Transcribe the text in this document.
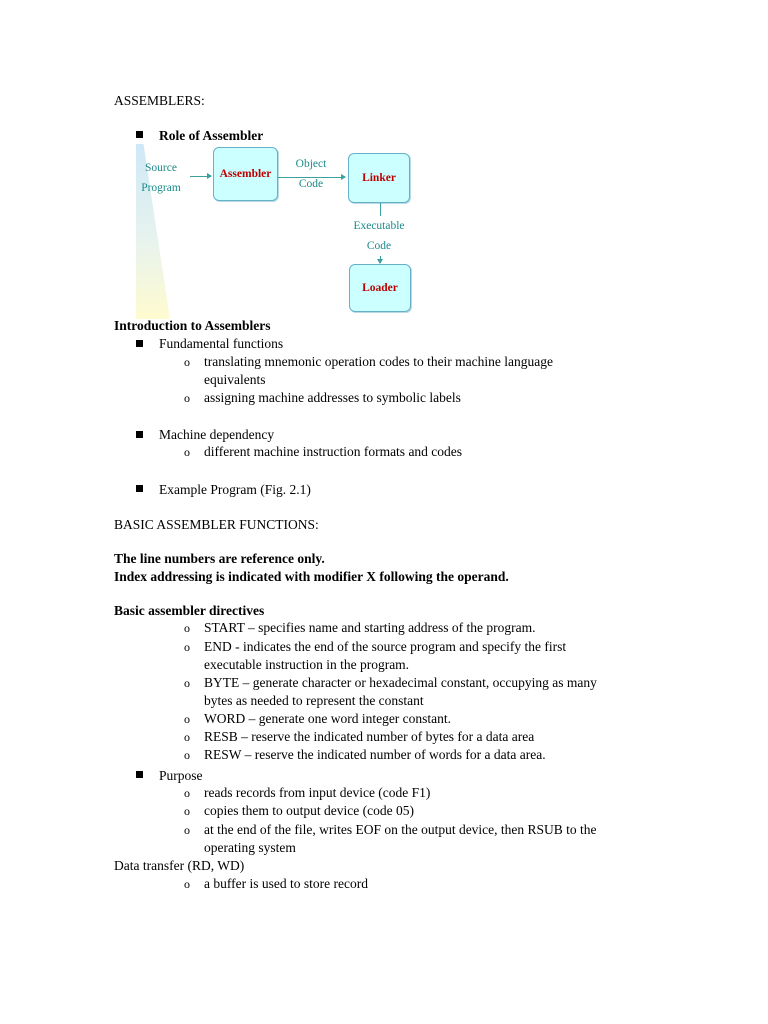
ASSEMBLERS:
Role of Assembler
Source
Program
Assembler
Object
Code	Linker
Executable
Code
Loader
Introduction to Assemblers
Fundamental functions
o translating mnemonic operation codes to their machine language
equivalents
o assigning machine addresses to symbolic labels
Machine dependency
o different machine instruction formats and codes
Example Program (Fig. 2.1)
BASIC ASSEMBLER FUNCTIONS:
The line numbers are reference only.
Index addressing is indicated with modifier X following the operand.
Basic assembler directives
o START – specifies name and starting address of the program.
o END - indicates the end of the source program and specify the first
executable instruction in the program.
o BYTE – generate character or hexadecimal constant, occupying as many
bytes as needed to represent the constant
o WORD – generate one word integer constant.
o RESB – reserve the indicated number of bytes for a data area
o RESW – reserve the indicated number of words for a data area.
Purpose
o reads records from input device (code F1)
o copies them to output device (code 05)
o at the end of the file, writes EOF on the output device, then RSUB to the
operating system
Data transfer (RD, WD)
o a buffer is used to store record
